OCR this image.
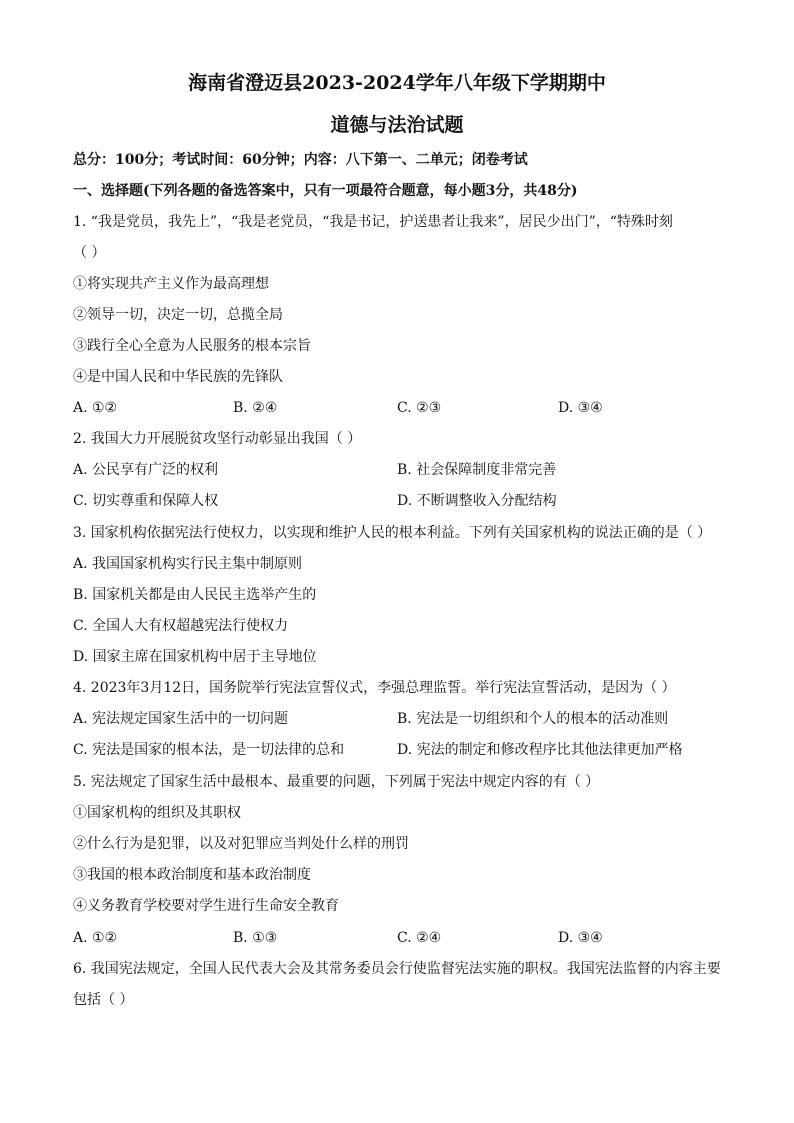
海南省澄迈县2023-2024学年八年级下学期期中
道德与法治试题
总分：100分；考试时间：60分钟；内容：八下第一、二单元；闭卷考试
一、选择题(下列各题的备选答案中，只有一项最符合题意，每小题3分，共48分)
1. “我是党员，我先上”，“我是老党员，“我是书记，护送患者让我来”，居民少出门”，“特殊时刻
（ ）
①将实现共产主义作为最高理想
②领导一切，决定一切，总揽全局
③践行全心全意为人民服务的根本宗旨
④是中国人民和中华民族的先锋队
A. ①②	B. ②④	C. ②③	D. ③④
2. 我国大力开展脱贫攻坚行动彰显出我国（ ）
A. 公民享有广泛的权利	B. 社会保障制度非常完善
C. 切实尊重和保障人权	D. 不断调整收入分配结构
3. 国家机构依据宪法行使权力，以实现和维护人民的根本利益。下列有关国家机构的说法正确的是（ ）
A. 我国国家机构实行民主集中制原则
B. 国家机关都是由人民民主选举产生的
C. 全国人大有权超越宪法行使权力
D. 国家主席在国家机构中居于主导地位
4. 2023年3月12日，国务院举行宪法宣誓仪式，李强总理监誓。举行宪法宣誓活动，是因为（ ）
A. 宪法规定国家生活中的一切问题	B. 宪法是一切组织和个人的根本的活动准则
C. 宪法是国家的根本法，是一切法律的总和	D. 宪法的制定和修改程序比其他法律更加严格
5. 宪法规定了国家生活中最根本、最重要的问题，下列属于宪法中规定内容的有（ ）
①国家机构的组织及其职权
②什么行为是犯罪，以及对犯罪应当判处什么样的刑罚
③我国的根本政治制度和基本政治制度
④义务教育学校要对学生进行生命安全教育
A. ①②	B. ①③	C. ②④	D. ③④
6. 我国宪法规定，全国人民代表大会及其常务委员会行使监督宪法实施的职权。我国宪法监督的内容主要
包括（ ）
